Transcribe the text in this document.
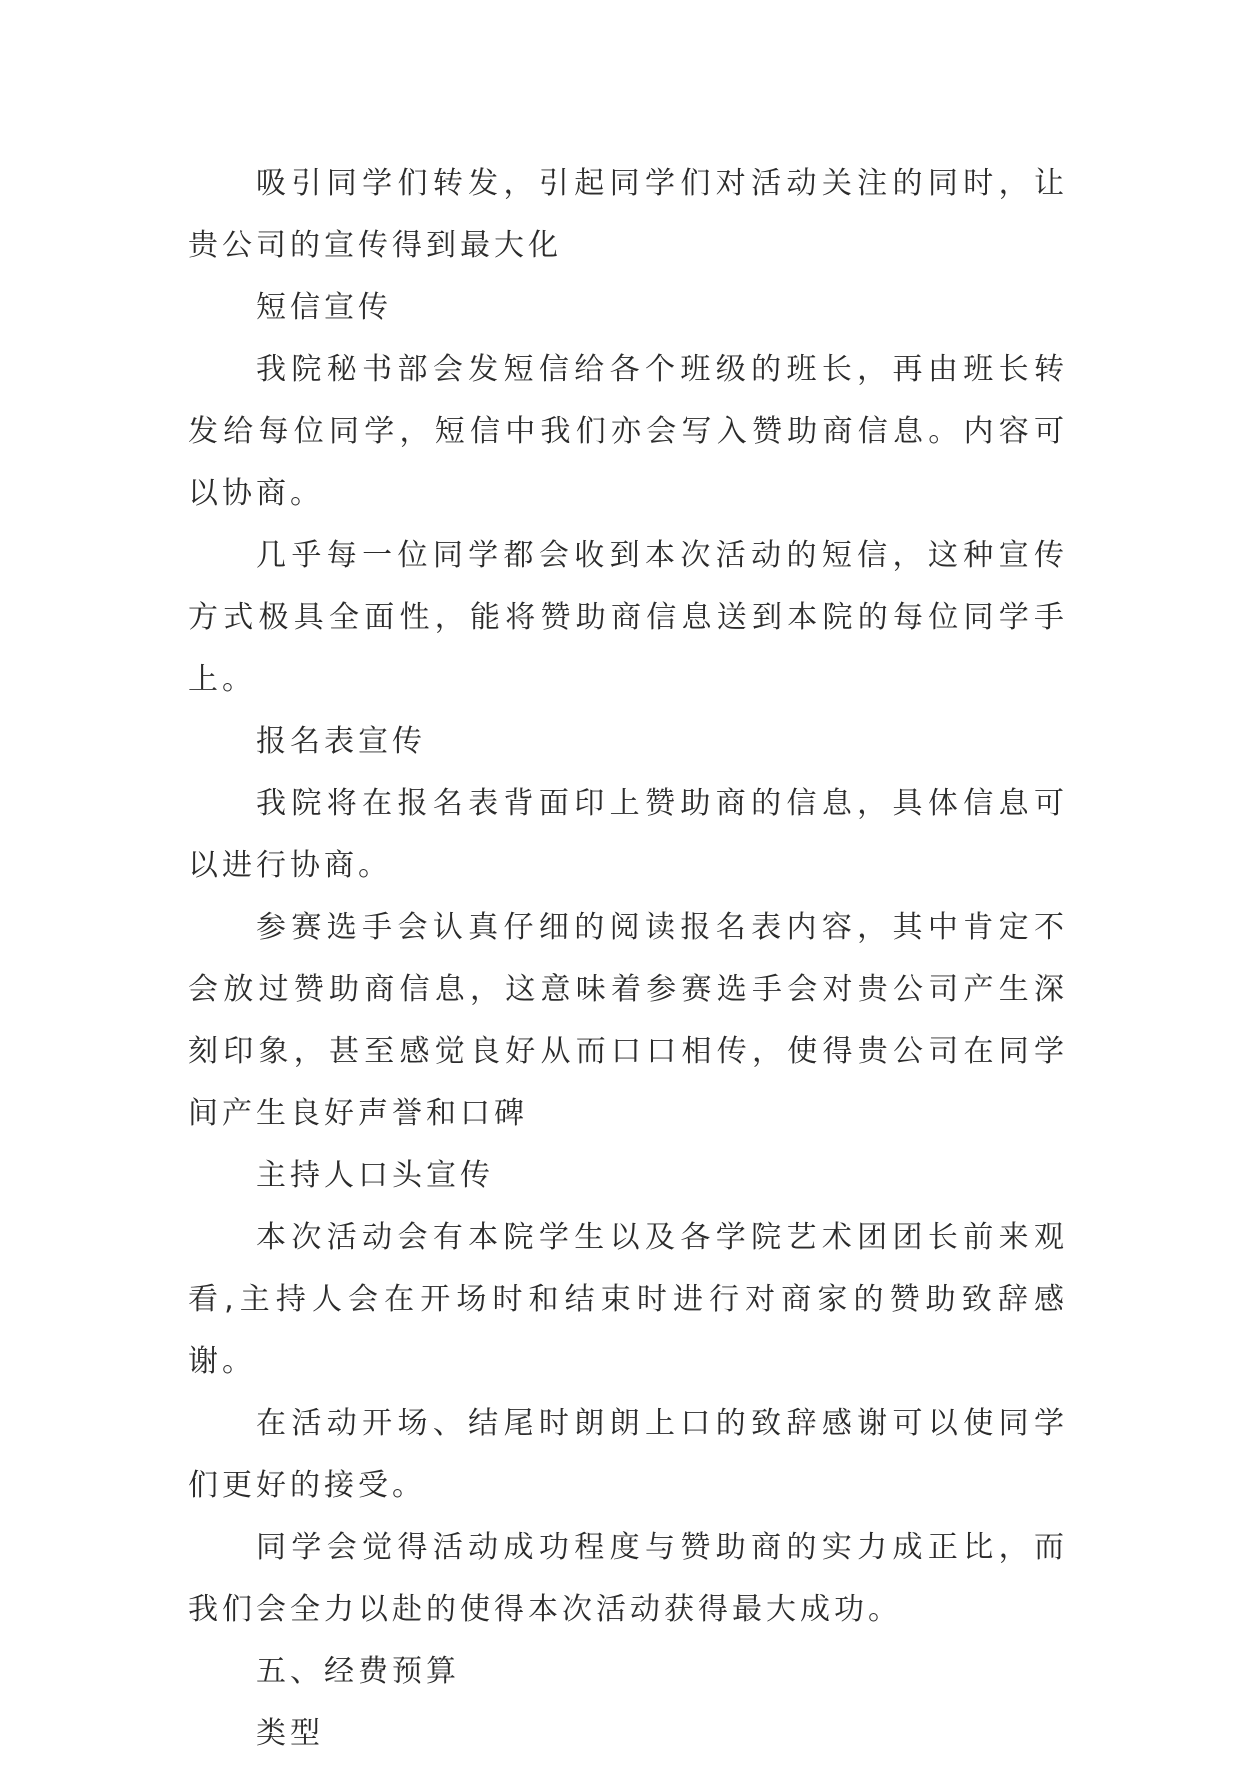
吸引同学们转发，引起同学们对活动关注的同时，让贵公司的宣传得到最大化

短信宣传

我院秘书部会发短信给各个班级的班长，再由班长转发给每位同学，短信中我们亦会写入赞助商信息。内容可以协商。

几乎每一位同学都会收到本次活动的短信，这种宣传方式极具全面性，能将赞助商信息送到本院的每位同学手上。

报名表宣传

我院将在报名表背面印上赞助商的信息，具体信息可以进行协商。

参赛选手会认真仔细的阅读报名表内容，其中肯定不会放过赞助商信息，这意味着参赛选手会对贵公司产生深刻印象，甚至感觉良好从而口口相传，使得贵公司在同学间产生良好声誉和口碑

主持人口头宣传

本次活动会有本院学生以及各学院艺术团团长前来观看,主持人会在开场时和结束时进行对商家的赞助致辞感谢。

在活动开场、结尾时朗朗上口的致辞感谢可以使同学们更好的接受。

同学会觉得活动成功程度与赞助商的实力成正比，而我们会全力以赴的使得本次活动获得最大成功。

五、经费预算

类型
